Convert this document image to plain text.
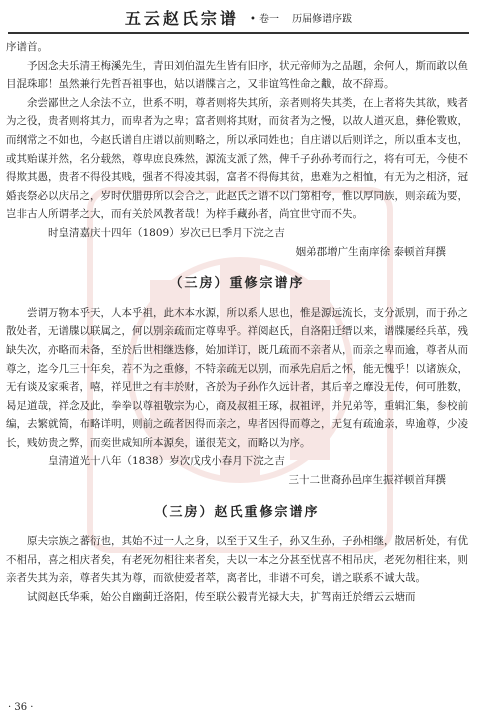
五云赵氏宗谱 • 卷一 历届修谱序跋

序谱首。

予因念夫乐清王梅溪先生，青田刘伯温先生皆有旧序，状元帝师为之品题，余何人，斯而敢以鱼目混珠耶！虽然兼行先哲吾祖事也，姑以谱牒言之，又非谊笃性命之黻，故不辞焉。

余尝鄙世之人余法不立，世系不明，尊者则将失其所，亲者则将失其类，在上者将失其欲，贱者为之役，贵者则将其力，而卑者为之卑；富者则将其财，而贫者为之慢，以故人道灭息，彝伦斁败，而纲常之不如也，今赵氏谱自庄谱以前则略之，所以承同姓也；自庄谱以后则详之，所以重本支也，或其贻谋并然，名分载然，尊卑庶良殊然，源流支派了然，俾千子孙孙考而行之，将有可无，今使不得欺其愚，贵者不得役其贱，强者不得凌其弱，富者不得侮其贫，患难为之相恤，有无为之相济，冠婚丧祭必以庆吊之，岁时伏腊毋所以会合之，此赵氏之谱不以门第相夸，惟以厚同族，则亲疏为要，岂非古人所谓孝之大，而有关於风教者哉！为梓手藏孙者，尚宜世守而不失。

时皇清嘉庆十四年（1809）岁次已巳季月下浣之吉

姻弟郡增广生南庠徐 泰顿首拜撰

（三房）重修宗谱序

尝谓万物本乎天，人本乎祖，此木本水源，所以系人思也，惟是源远流长，支分派别，而于孙之散处者，无谱牒以联属之，何以别亲疏而定尊卑乎。祥阅赵氏，自洛阳迁缙以来，谱牒屡经兵革，残缺失次，亦略而未备，至於后世相继迭修，始加详订，既几疏而不亲者从，而亲之卑而逾，尊者从而尊之，迄今几三十年矣，若不为之重修，不特亲疏无以别，而承先启后之怀，能无愧乎！以诸族众，无有谈及家乘者，嘻，祥见世之有丰於财，吝於为子孙作久远计者，其后辛之靡没无传，何可胜数，曷足道哉，祥念及此，拳拳以尊祖敬宗为心，商及叔祖王琢，叔祖评，并兄弟等，重辑汇集，参校前编，去繁就简，布略详明，则前之疏者因得而亲之，卑者因得而尊之，无复有疏逾亲，卑逾尊，少凌长，贱妨贵之弊，而奕世咸知所本源矣，谨很芜文，而略以为序。

皇清道光十八年（1838）岁次戊戌小春月下浣之吉

三十二世裔孙邑庠生振祥顿首拜撰

（三房）赵氏重修宗谱序

原夫宗族之蕃衍也，其始不过一人之身，以至于又生子，孙又生孙，子孙相继，散居析处，有优不相吊，喜之相庆者矣，有老死勿相往来者矣，夫以一本之分甚至忧喜不相吊庆，老死勿相往来，则亲者失其为亲，尊者失其为尊，而欲使爱者萃，离者比，非谱不可矣，谱之联系不诚大哉。

试阅赵氏华乘，始公自幽蓟迁洛阳，传至联公毅青光禄大夫，扩驾南迁於缙云云塘而

· 36 ·
